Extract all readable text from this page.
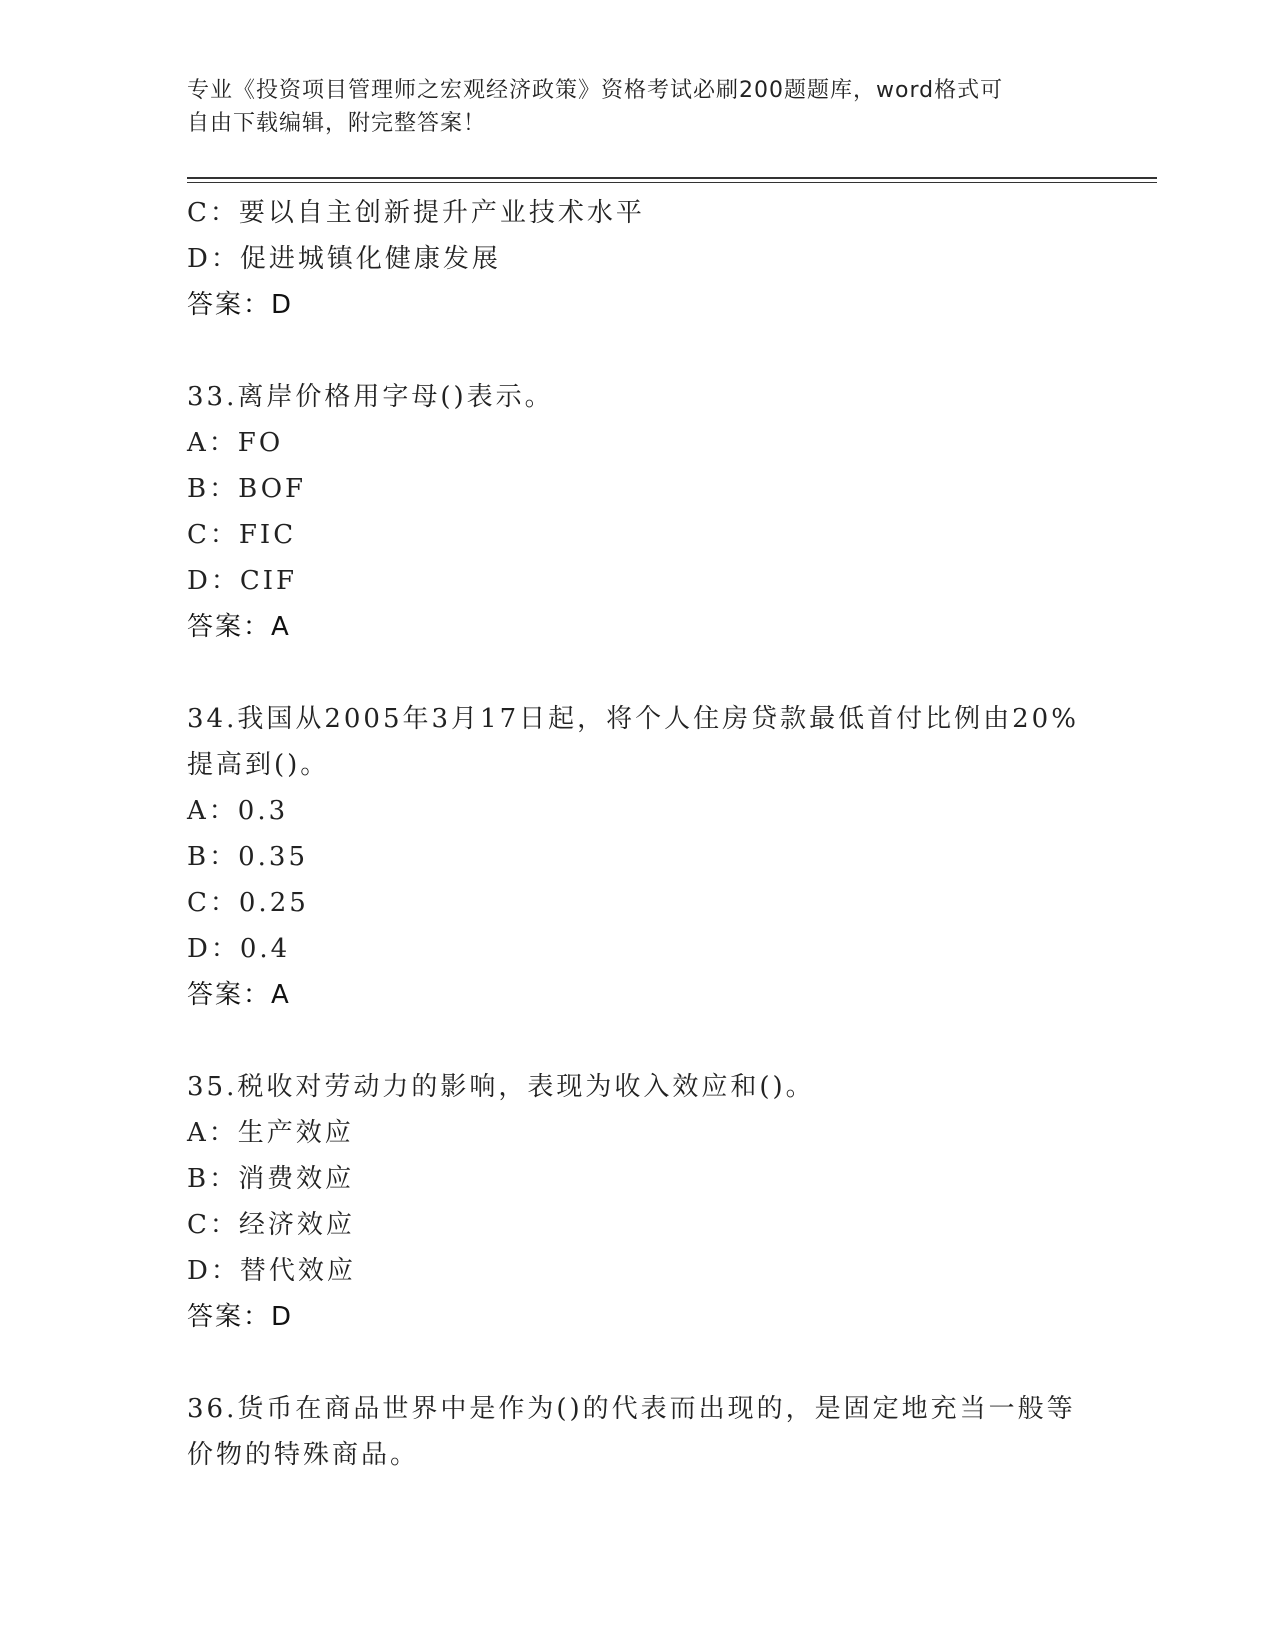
专业《投资项目管理师之宏观经济政策》资格考试必刷200题题库，word格式可
自由下载编辑，附完整答案！
C：要以自主创新提升产业技术水平
D：促进城镇化健康发展
答案：D
33.离岸价格用字母()表示。
A：FO
B：BOF
C：FIC
D：CIF
答案：A
34.我国从2005年3月17日起，将个人住房贷款最低首付比例由20%
提高到()。
A：0.3
B：0.35
C：0.25
D：0.4
答案：A
35.税收对劳动力的影响，表现为收入效应和()。
A：生产效应
B：消费效应
C：经济效应
D：替代效应
答案：D
36.货币在商品世界中是作为()的代表而出现的，是固定地充当一般等
价物的特殊商品。
